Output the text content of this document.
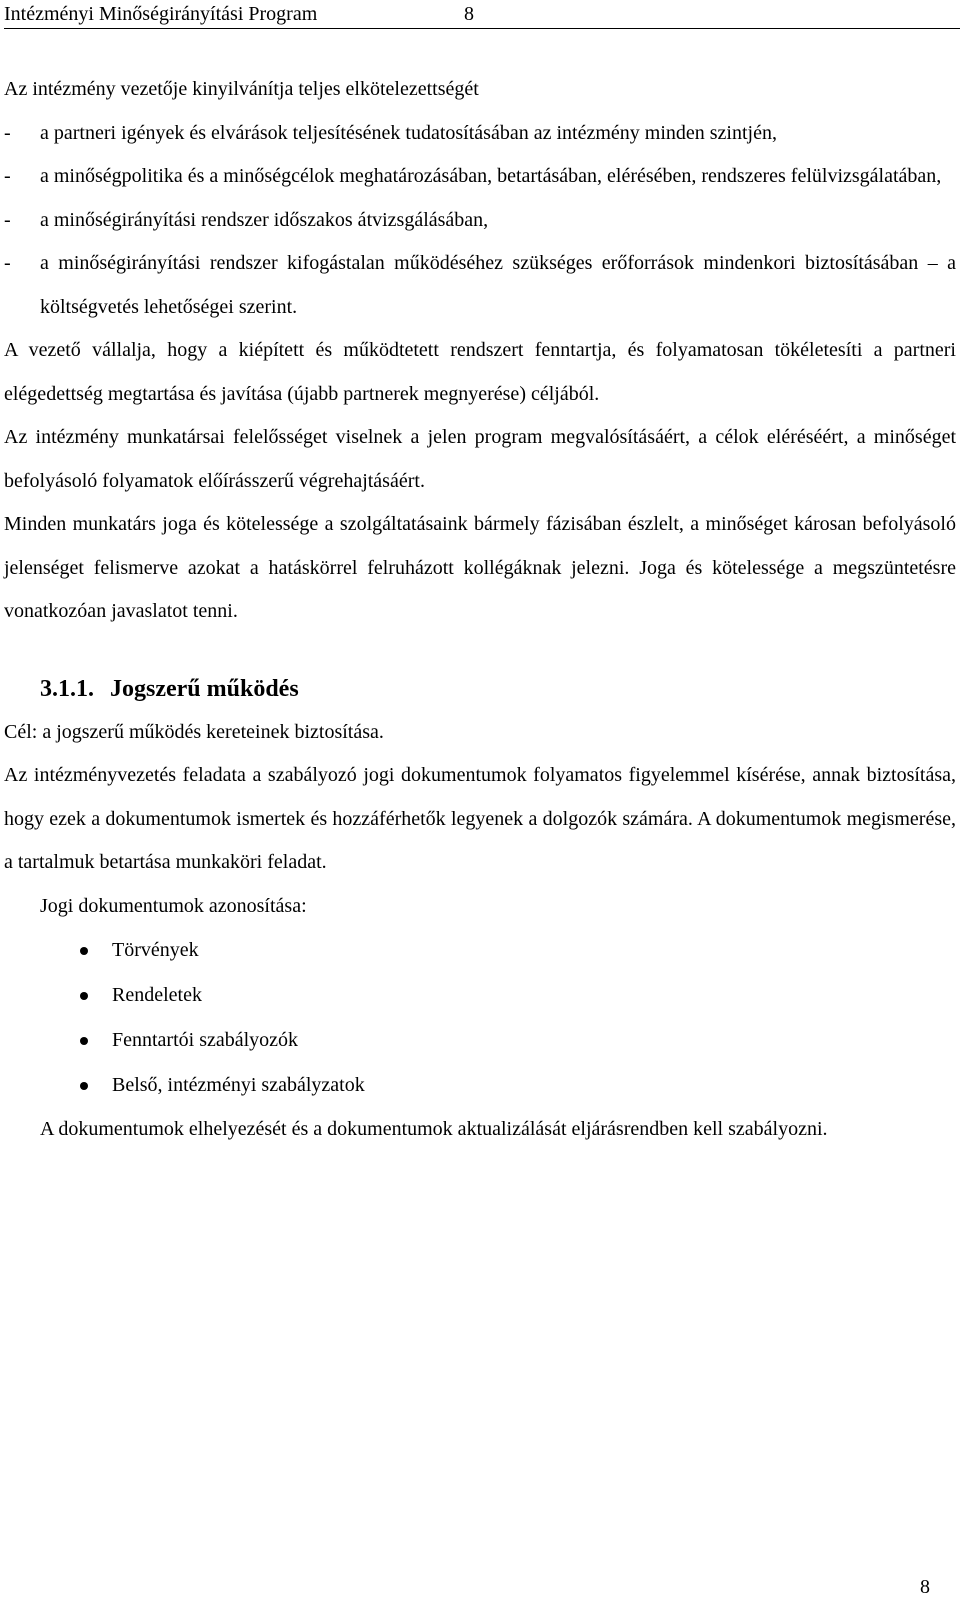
Intézményi Minőségirányítási Program	8

Az intézmény vezetője kinyilvánítja teljes elkötelezettségét

- a partneri igények és elvárások teljesítésének tudatosításában az intézmény minden szintjén,
- a minőségpolitika és a minőségcélok meghatározásában, betartásában, elérésében, rendszeres felülvizsgálatában,
- a minőségirányítási rendszer időszakos átvizsgálásában,
- a minőségirányítási rendszer kifogástalan működéséhez szükséges erőforrások mindenkori biztosításában – a költségvetés lehetőségei szerint.

A vezető vállalja, hogy a kiépített és működtetett rendszert fenntartja, és folyamatosan tökéletesíti a partneri elégedettség megtartása és javítása (újabb partnerek megnyerése) céljából.

Az intézmény munkatársai felelősséget viselnek a jelen program megvalósításáért, a célok eléréséért, a minőséget befolyásoló folyamatok előírásszerű végrehajtásáért.

Minden munkatárs joga és kötelessége a szolgáltatásaink bármely fázisában észlelt, a minőséget károsan befolyásoló jelenséget felismerve azokat a hatáskörrel felruházott kollégáknak jelezni. Joga és kötelessége a megszüntetésre vonatkozóan javaslatot tenni.

3.1.1. Jogszerű működés

Cél: a jogszerű működés kereteinek biztosítása.

Az intézményvezetés feladata a szabályozó jogi dokumentumok folyamatos figyelemmel kísérése, annak biztosítása, hogy ezek a dokumentumok ismertek és hozzáférhetők legyenek a dolgozók számára. A dokumentumok megismerése, a tartalmuk betartása munkaköri feladat.

Jogi dokumentumok azonosítása:

Törvények
Rendeletek
Fenntartói szabályozók
Belső, intézményi szabályzatok

A dokumentumok elhelyezését és a dokumentumok aktualizálását eljárásrendben kell szabályozni.

8
